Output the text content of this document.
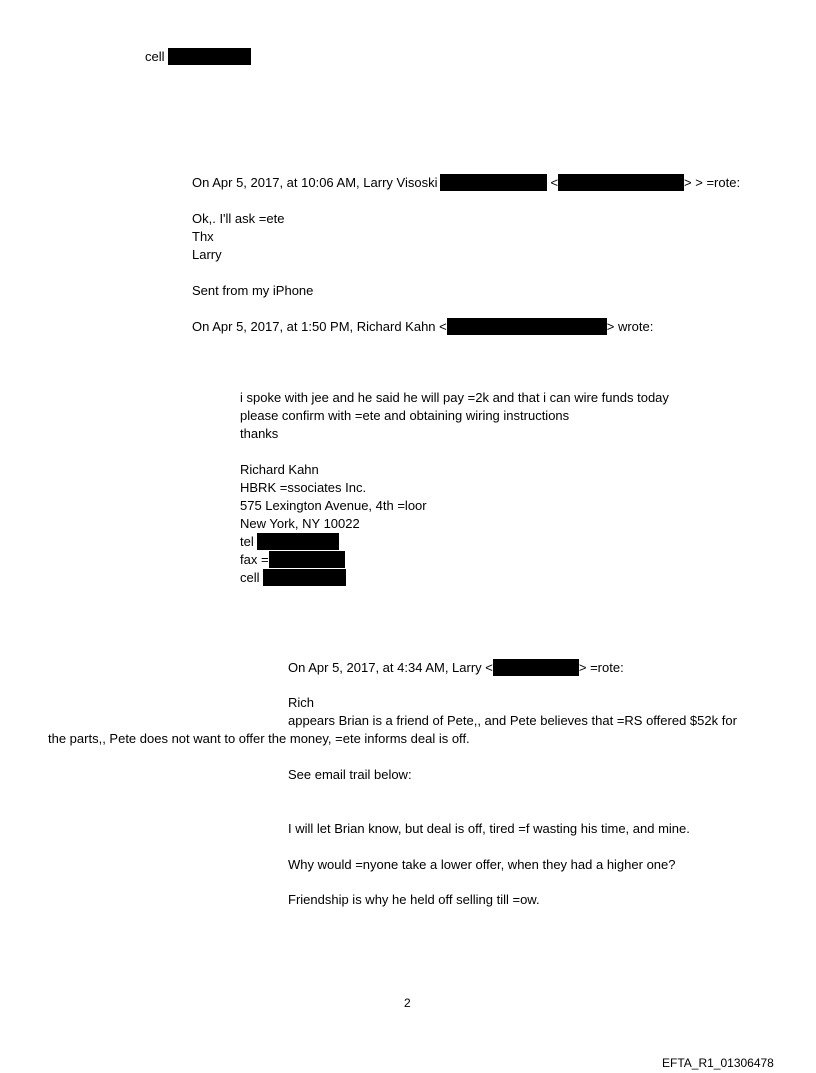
cell
On Apr 5, 2017, at 10:06 AM, Larry Visoski	<	> > =rote:
Ok,. I'll ask =ete
Thx
Larry
Sent from my iPhone
On Apr 5, 2017, at 1:50 PM, Richard Kahn <	> wrote:
i spoke with jee and he said he will pay =2k and that i can wire funds today
please confirm with =ete and obtaining wiring instructions
thanks
Richard Kahn
HBRK =ssociates Inc.
575 Lexington Avenue, 4th =loor
New York, NY 10022
tel
fax =
cell
On Apr 5, 2017, at 4:34 AM, Larry <	> =rote:
Rich
appears Brian is a friend of Pete,, and Pete believes that =RS offered $52k for
the parts,, Pete does not want to offer the money, =ete informs deal is off.
See email trail below:
I will let Brian know, but deal is off, tired =f wasting his time, and mine.
Why would =nyone take a lower offer, when they had a higher one?
Friendship is why he held off selling till =ow.
2
EFTA_R1_01306478
